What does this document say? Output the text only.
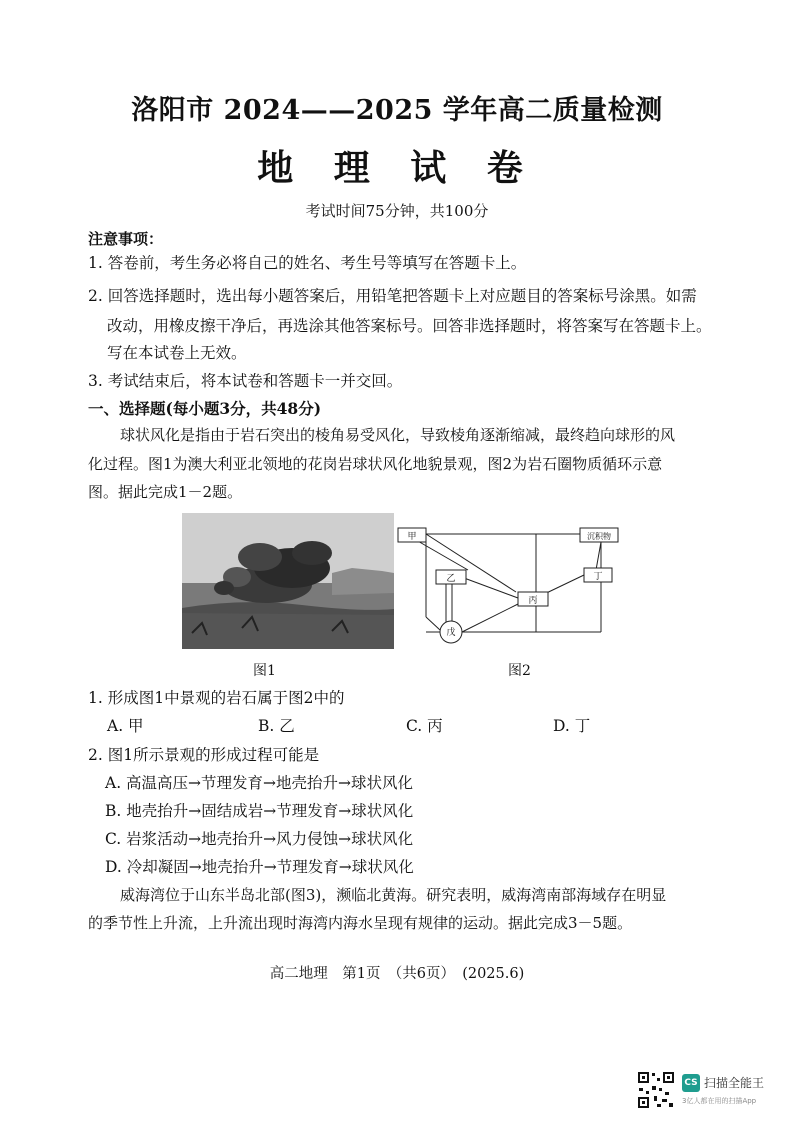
洛阳市 2024——2025 学年高二质量检测
地 理 试 卷
考试时间75分钟，共100分
注意事项：
1. 答卷前，考生务必将自己的姓名、考生号等填写在答题卡上。
2. 回答选择题时，选出每小题答案后，用铅笔把答题卡上对应题目的答案标号涂黑。如需
改动，用橡皮擦干净后，再选涂其他答案标号。回答非选择题时，将答案写在答题卡上。
写在本试卷上无效。
3. 考试结束后，将本试卷和答题卡一并交回。
一、选择题(每小题3分，共48分)
球状风化是指由于岩石突出的棱角易受风化，导致棱角逐渐缩减，最终趋向球形的风
化过程。图1为澳大利亚北领地的花岗岩球状风化地貌景观，图2为岩石圈物质循环示意
图。据此完成1－2题。
图1
甲
乙
丙
丁
戊
沉积物
图2
1. 形成图1中景观的岩石属于图2中的
A. 甲	B. 乙	C. 丙	D. 丁
2. 图1所示景观的形成过程可能是
A. 高温高压→节理发育→地壳抬升→球状风化
B. 地壳抬升→固结成岩→节理发育→球状风化
C. 岩浆活动→地壳抬升→风力侵蚀→球状风化
D. 冷却凝固→地壳抬升→节理发育→球状风化
威海湾位于山东半岛北部(图3)，濒临北黄海。研究表明，威海湾南部海域存在明显
的季节性上升流，上升流出现时海湾内海水呈现有规律的运动。据此完成3－5题。
高二地理　第1页　（共6页）　(2025.6)
CS 扫描全能王
3亿人都在用的扫描App
